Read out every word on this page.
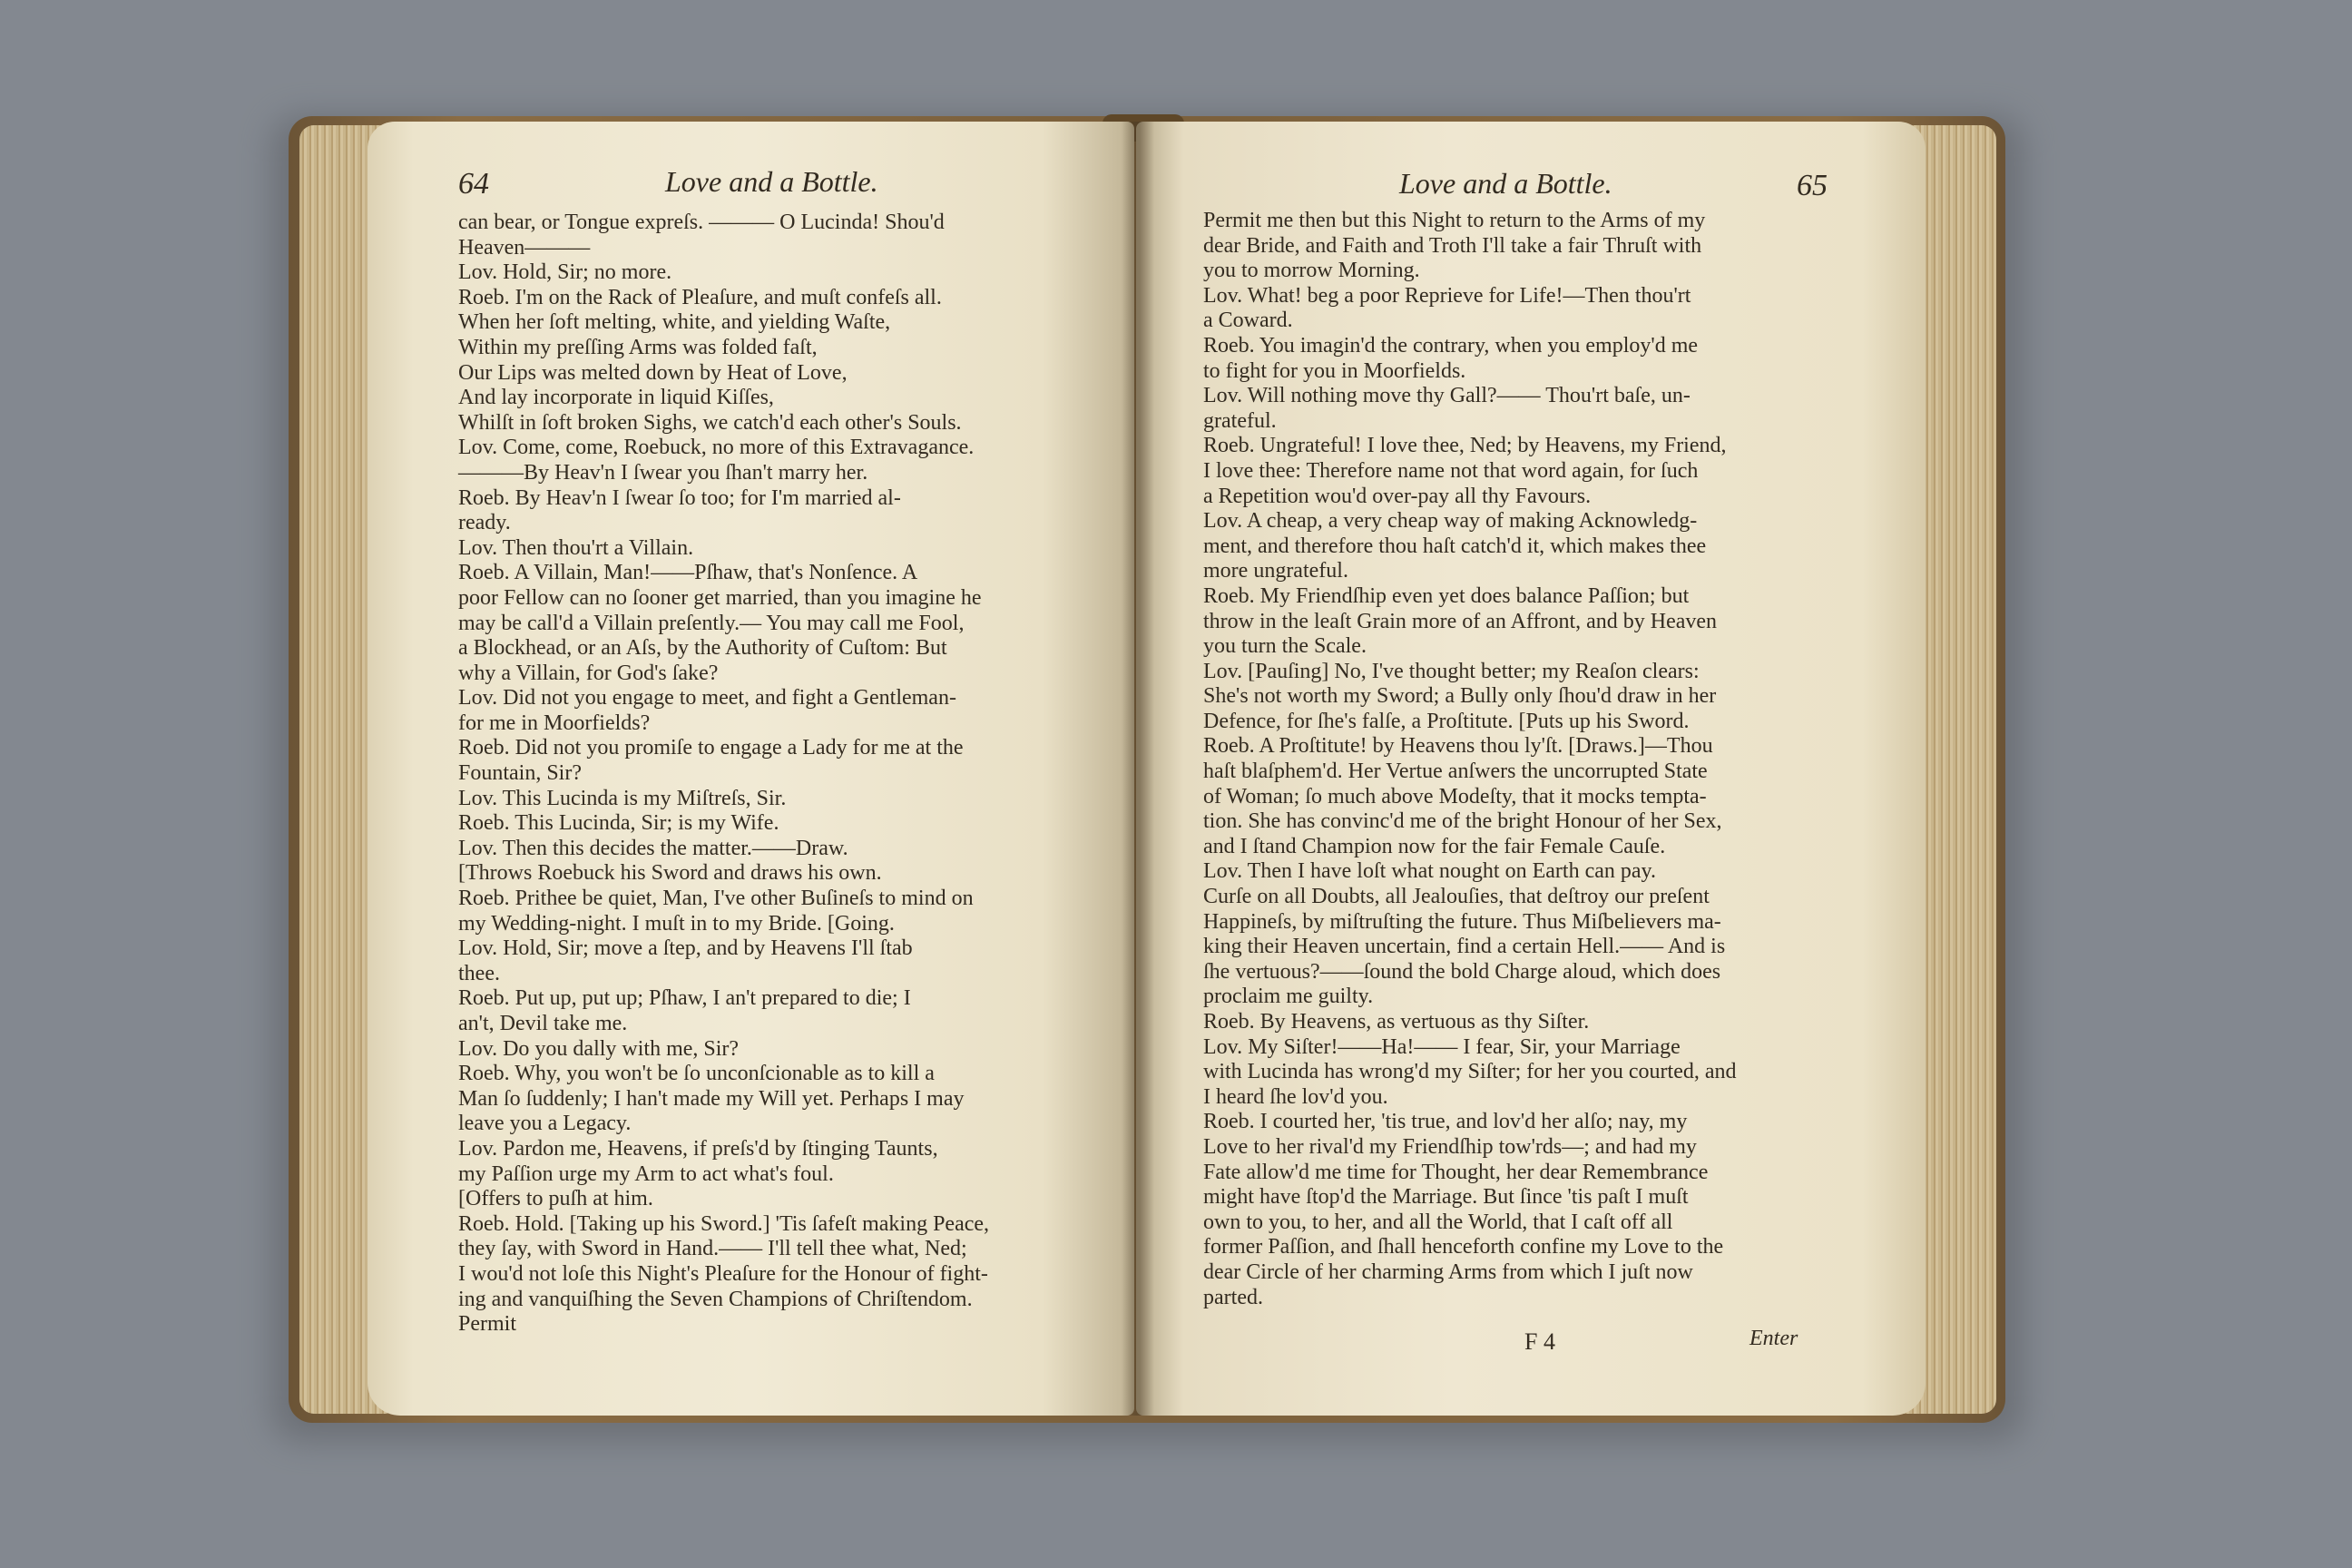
64	Love and a Bottle.
can bear, or Tongue expreſs. ——— O Lucinda! Shou'd
Heaven———
Lov. Hold, Sir; no more.
Roeb. I'm on the Rack of Pleaſure, and muſt confeſs all.
When her ſoft melting, white, and yielding Waſte,
Within my preſſing Arms was folded faſt,
Our Lips was melted down by Heat of Love,
And lay incorporate in liquid Kiſſes,
Whilſt in ſoft broken Sighs, we catch'd each other's Souls.
Lov. Come, come, Roebuck, no more of this Extravagance.
———By Heav'n I ſwear you ſhan't marry her.
Roeb. By Heav'n I ſwear ſo too; for I'm married al-
ready.
Lov. Then thou'rt a Villain.
Roeb. A Villain, Man!——Pſhaw, that's Nonſence. A
poor Fellow can no ſooner get married, than you imagine he
may be call'd a Villain preſently.— You may call me Fool,
a Blockhead, or an Aſs, by the Authority of Cuſtom: But
why a Villain, for God's ſake?
Lov. Did not you engage to meet, and fight a Gentleman-
for me in Moorfields?
Roeb. Did not you promiſe to engage a Lady for me at the
Fountain, Sir?
Lov. This Lucinda is my Miſtreſs, Sir.
Roeb. This Lucinda, Sir; is my Wife.
Lov. Then this decides the matter.——Draw.
[Throws Roebuck his Sword and draws his own.
Roeb. Prithee be quiet, Man, I've other Buſineſs to mind on
my Wedding-night. I muſt in to my Bride. [Going.
Lov. Hold, Sir; move a ſtep, and by Heavens I'll ſtab
thee.
Roeb. Put up, put up; Pſhaw, I an't prepared to die; I
an't, Devil take me.
Lov. Do you dally with me, Sir?
Roeb. Why, you won't be ſo unconſcionable as to kill a
Man ſo ſuddenly; I han't made my Will yet. Perhaps I may
leave you a Legacy.
Lov. Pardon me, Heavens, if preſs'd by ſtinging Taunts,
my Paſſion urge my Arm to act what's foul.
[Offers to puſh at him.
Roeb. Hold. [Taking up his Sword.] 'Tis ſafeſt making Peace,
they ſay, with Sword in Hand.—— I'll tell thee what, Ned;
I wou'd not loſe this Night's Pleaſure for the Honour of fight-
ing and vanquiſhing the Seven Champions of Chriſtendom.
Permit
Love and a Bottle.	65
Permit me then but this Night to return to the Arms of my
dear Bride, and Faith and Troth I'll take a fair Thruſt with
you to morrow Morning.
Lov. What! beg a poor Reprieve for Life!—Then thou'rt
a Coward.
Roeb. You imagin'd the contrary, when you employ'd me
to fight for you in Moorfields.
Lov. Will nothing move thy Gall?—— Thou'rt baſe, un-
grateful.
Roeb. Ungrateful! I love thee, Ned; by Heavens, my Friend,
I love thee: Therefore name not that word again, for ſuch
a Repetition wou'd over-pay all thy Favours.
Lov. A cheap, a very cheap way of making Acknowledg-
ment, and therefore thou haſt catch'd it, which makes thee
more ungrateful.
Roeb. My Friendſhip even yet does balance Paſſion; but
throw in the leaſt Grain more of an Affront, and by Heaven
you turn the Scale.
Lov. [Pauſing] No, I've thought better; my Reaſon clears:
She's not worth my Sword; a Bully only ſhou'd draw in her
Defence, for ſhe's falſe, a Proſtitute. [Puts up his Sword.
Roeb. A Proſtitute! by Heavens thou ly'ſt. [Draws.]—Thou
haſt blaſphem'd. Her Vertue anſwers the uncorrupted State
of Woman; ſo much above Modeſty, that it mocks tempta-
tion. She has convinc'd me of the bright Honour of her Sex,
and I ſtand Champion now for the fair Female Cauſe.
Lov. Then I have loſt what nought on Earth can pay.
Curſe on all Doubts, all Jealouſies, that deſtroy our preſent
Happineſs, by miſtruſting the future. Thus Miſbelievers ma-
king their Heaven uncertain, find a certain Hell.—— And is
ſhe vertuous?——ſound the bold Charge aloud, which does
proclaim me guilty.
Roeb. By Heavens, as vertuous as thy Siſter.
Lov. My Siſter!——Ha!—— I fear, Sir, your Marriage
with Lucinda has wrong'd my Siſter; for her you courted, and
I heard ſhe lov'd you.
Roeb. I courted her, 'tis true, and lov'd her alſo; nay, my
Love to her rival'd my Friendſhip tow'rds—; and had my
Fate allow'd me time for Thought, her dear Remembrance
might have ſtop'd the Marriage. But ſince 'tis paſt I muſt
own to you, to her, and all the World, that I caſt off all
former Paſſion, and ſhall henceforth confine my Love to the
dear Circle of her charming Arms from which I juſt now
parted.
F 4	Enter
